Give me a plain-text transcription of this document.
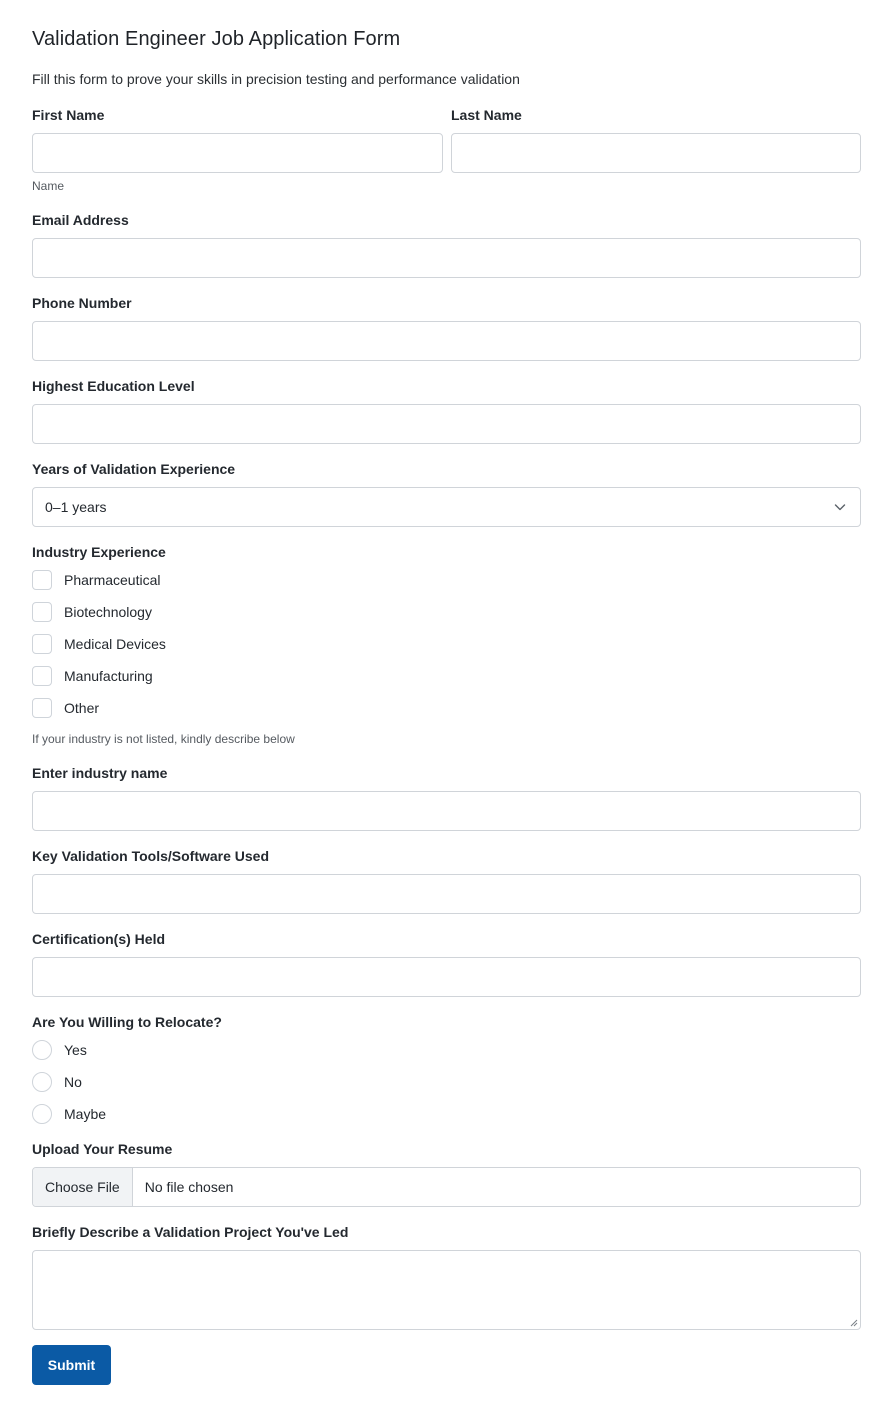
Validation Engineer Job Application Form
Fill this form to prove your skills in precision testing and performance validation
First Name	Last Name
Name
Email Address
Phone Number
Highest Education Level
Years of Validation Experience
0–1 years
Industry Experience
Pharmaceutical
Biotechnology
Medical Devices
Manufacturing
Other
If your industry is not listed, kindly describe below
Enter industry name
Key Validation Tools/Software Used
Certification(s) Held
Are You Willing to Relocate?
Yes
No
Maybe
Upload Your Resume
Choose File	No file chosen
Briefly Describe a Validation Project You've Led
Submit
